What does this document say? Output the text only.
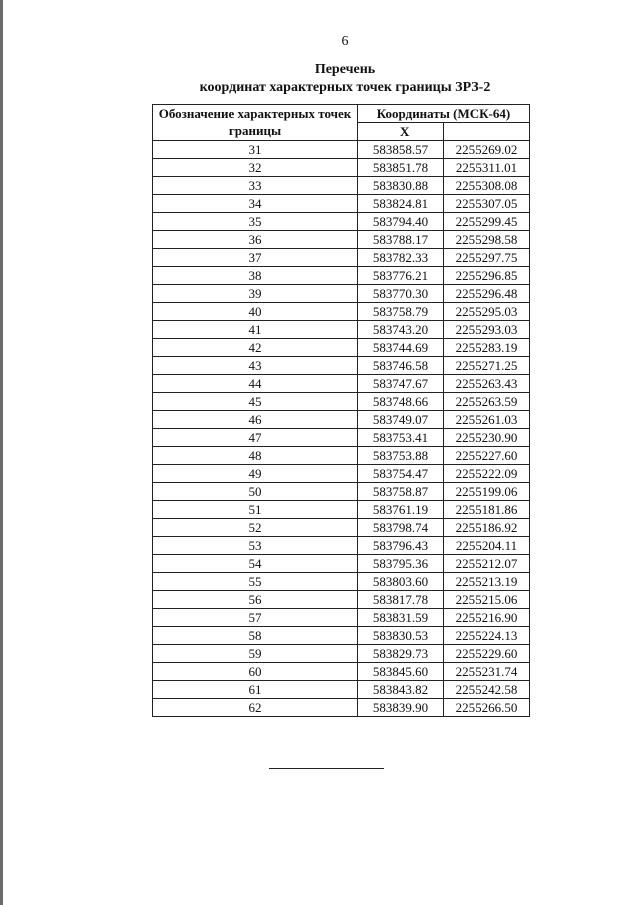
6
Перечень
координат характерных точек границы ЗРЗ-2
Обозначение характерных точек границы	Координаты (МСК-64)	
	X	
31	583858.57	2255269.02
32	583851.78	2255311.01
33	583830.88	2255308.08
34	583824.81	2255307.05
35	583794.40	2255299.45
36	583788.17	2255298.58
37	583782.33	2255297.75
38	583776.21	2255296.85
39	583770.30	2255296.48
40	583758.79	2255295.03
41	583743.20	2255293.03
42	583744.69	2255283.19
43	583746.58	2255271.25
44	583747.67	2255263.43
45	583748.66	2255263.59
46	583749.07	2255261.03
47	583753.41	2255230.90
48	583753.88	2255227.60
49	583754.47	2255222.09
50	583758.87	2255199.06
51	583761.19	2255181.86
52	583798.74	2255186.92
53	583796.43	2255204.11
54	583795.36	2255212.07
55	583803.60	2255213.19
56	583817.78	2255215.06
57	583831.59	2255216.90
58	583830.53	2255224.13
59	583829.73	2255229.60
60	583845.60	2255231.74
61	583843.82	2255242.58
62	583839.90	2255266.50
